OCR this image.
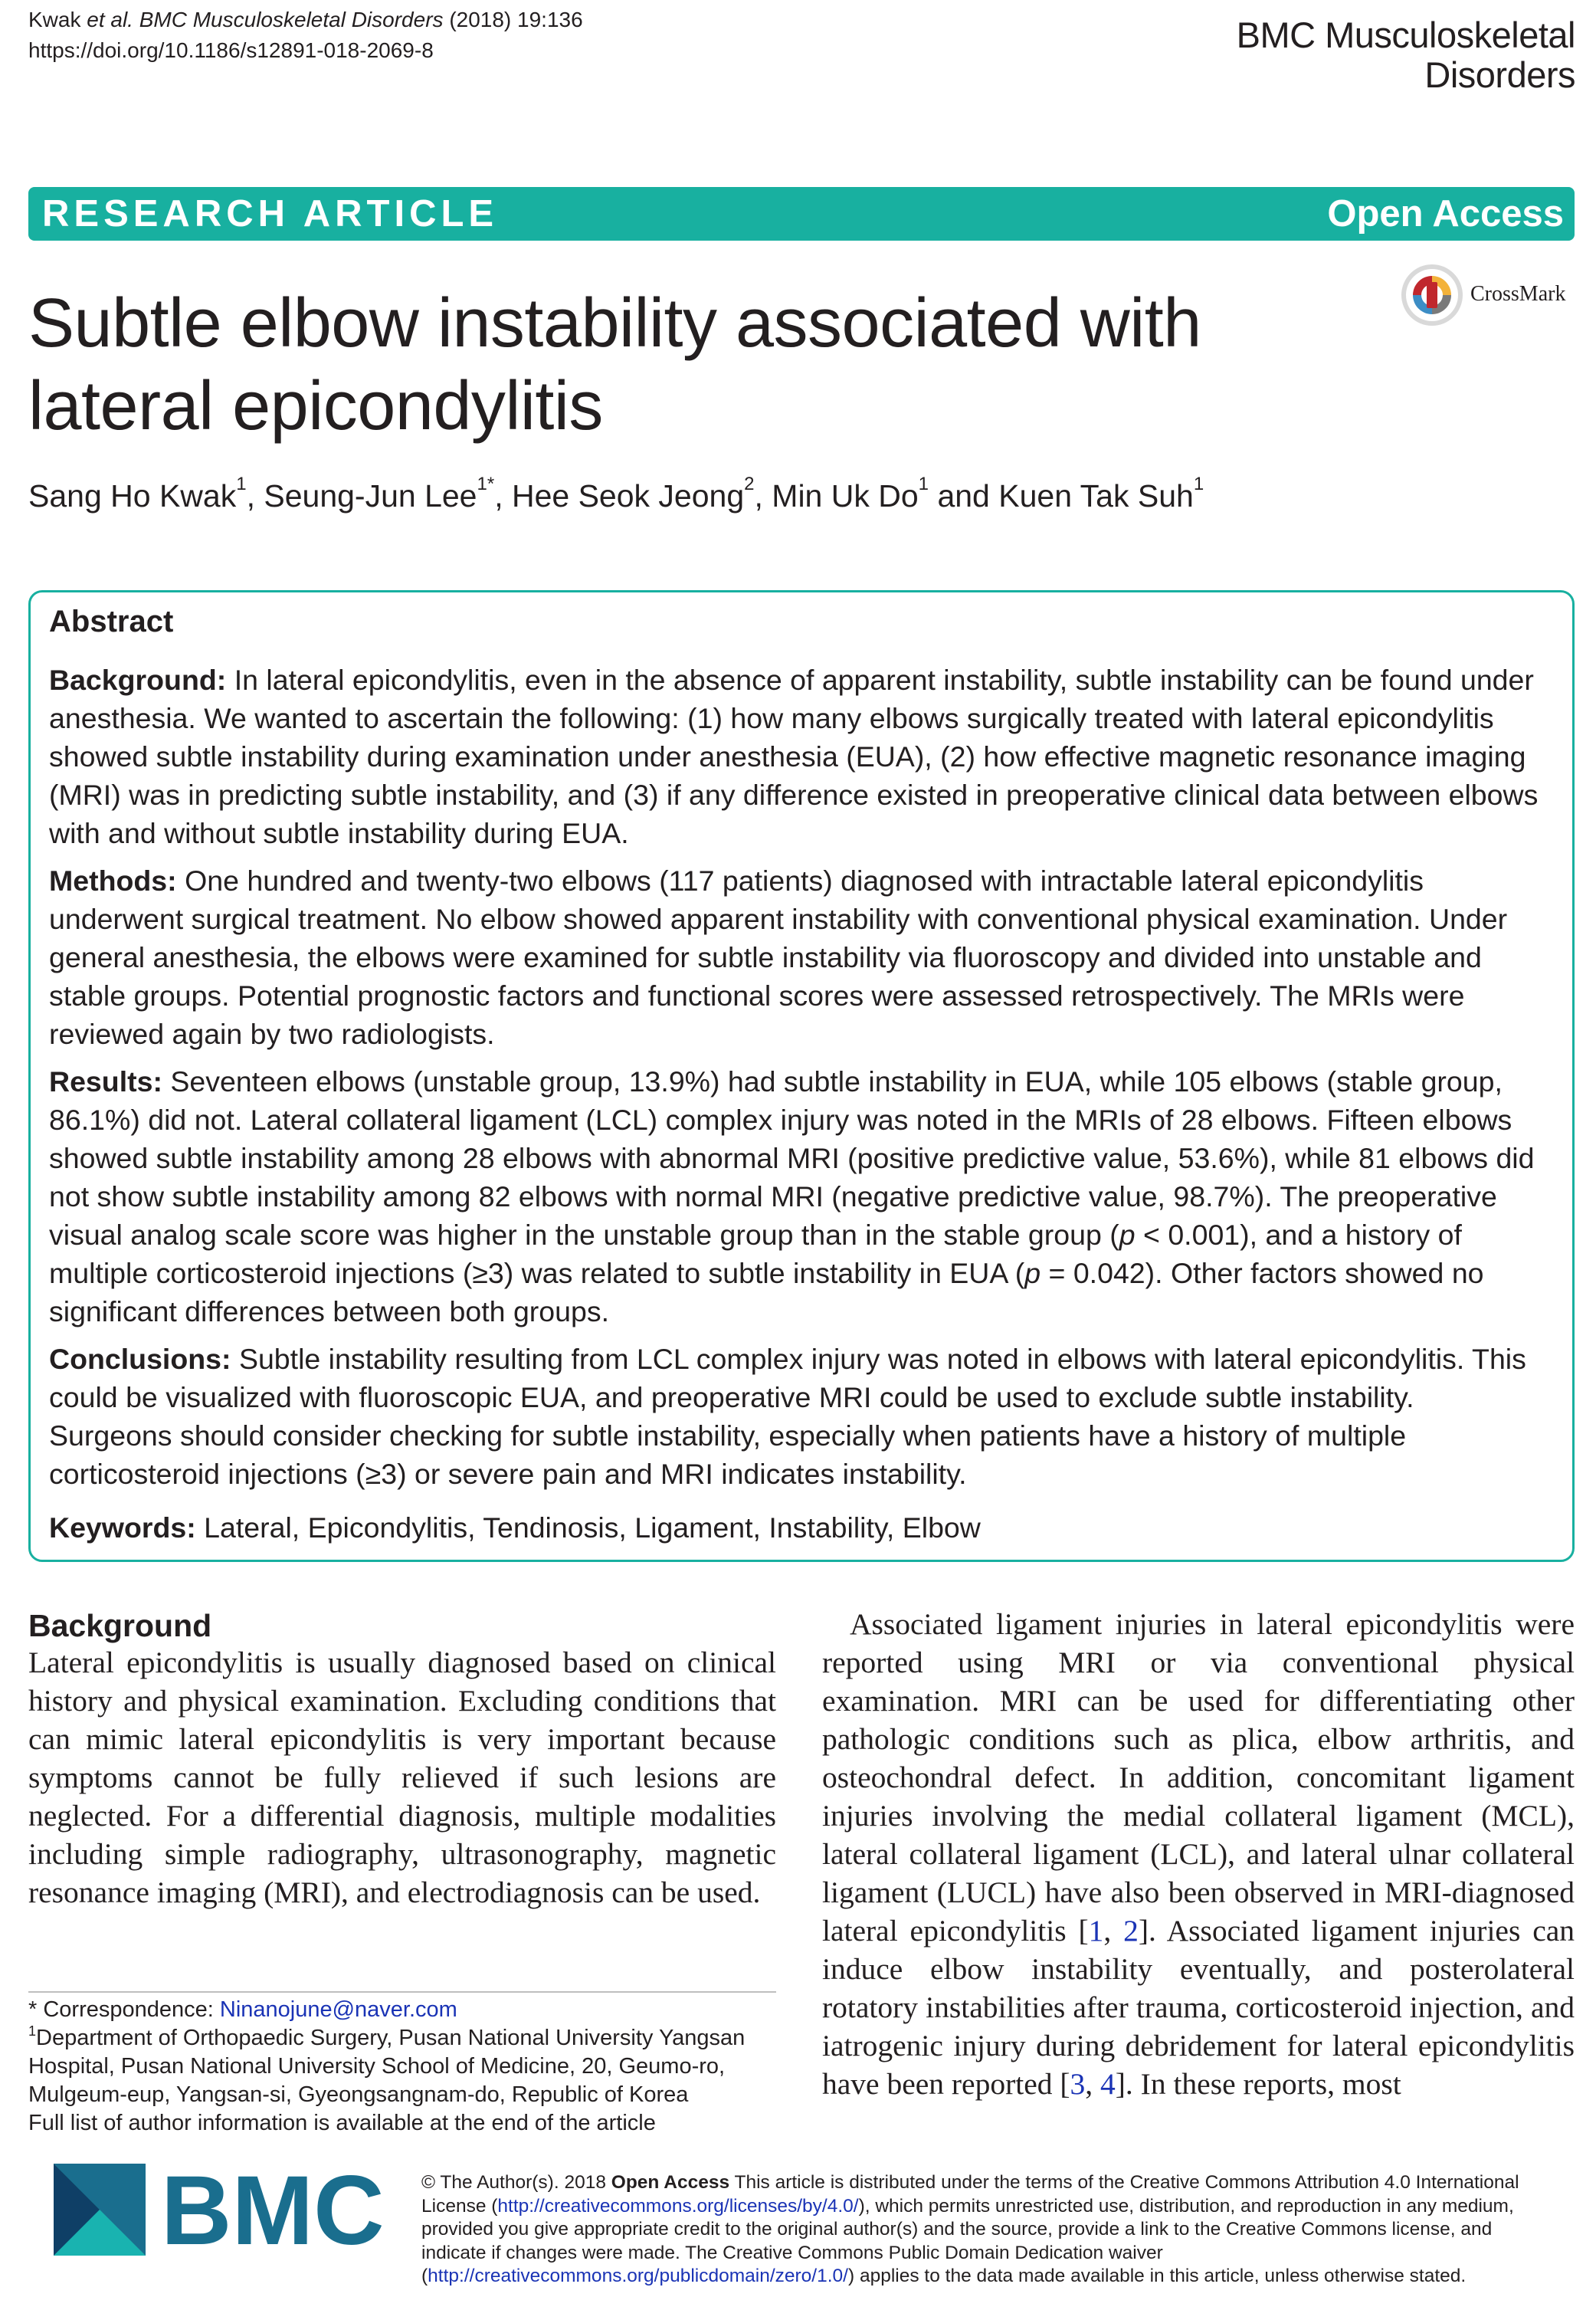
Kwak et al. BMC Musculoskeletal Disorders (2018) 19:136
https://doi.org/10.1186/s12891-018-2069-8	BMC Musculoskeletal
Disorders
RESEARCH ARTICLE	Open Access
CrossMark
Subtle elbow instability associated with lateral epicondylitis
Sang Ho Kwak$^1$, Seung-Jun Lee$^{1*}$, Hee Seok Jeong$^2$, Min Uk Do$^1$ and Kuen Tak Suh$^1$
Abstract
Background: In lateral epicondylitis, even in the absence of apparent instability, subtle instability can be found under anesthesia. We wanted to ascertain the following: (1) how many elbows surgically treated with lateral epicondylitis showed subtle instability during examination under anesthesia (EUA), (2) how effective magnetic resonance imaging (MRI) was in predicting subtle instability, and (3) if any difference existed in preoperative clinical data between elbows with and without subtle instability during EUA.
Methods: One hundred and twenty-two elbows (117 patients) diagnosed with intractable lateral epicondylitis underwent surgical treatment. No elbow showed apparent instability with conventional physical examination. Under general anesthesia, the elbows were examined for subtle instability via fluoroscopy and divided into unstable and stable groups. Potential prognostic factors and functional scores were assessed retrospectively. The MRIs were reviewed again by two radiologists.
Results: Seventeen elbows (unstable group, 13.9%) had subtle instability in EUA, while 105 elbows (stable group, 86.1%) did not. Lateral collateral ligament (LCL) complex injury was noted in the MRIs of 28 elbows. Fifteen elbows showed subtle instability among 28 elbows with abnormal MRI (positive predictive value, 53.6%), while 81 elbows did not show subtle instability among 82 elbows with normal MRI (negative predictive value, 98.7%). The preoperative visual analog scale score was higher in the unstable group than in the stable group (p < 0.001), and a history of multiple corticosteroid injections (≥3) was related to subtle instability in EUA (p = 0.042). Other factors showed no significant differences between both groups.
Conclusions: Subtle instability resulting from LCL complex injury was noted in elbows with lateral epicondylitis. This could be visualized with fluoroscopic EUA, and preoperative MRI could be used to exclude subtle instability. Surgeons should consider checking for subtle instability, especially when patients have a history of multiple corticosteroid injections (≥3) or severe pain and MRI indicates instability.
Keywords: Lateral, Epicondylitis, Tendinosis, Ligament, Instability, Elbow
Background
Lateral epicondylitis is usually diagnosed based on clinical history and physical examination. Excluding conditions that can mimic lateral epicondylitis is very important because symptoms cannot be fully relieved if such lesions are neglected. For a differential diagnosis, multiple modalities including simple radiography, ultrasonography, magnetic resonance imaging (MRI), and electrodiagnosis can be used.
Associated ligament injuries in lateral epicondylitis were reported using MRI or via conventional physical examination. MRI can be used for differentiating other pathologic conditions such as plica, elbow arthritis, and osteochondral defect. In addition, concomitant ligament injuries involving the medial collateral ligament (MCL), lateral collateral ligament (LCL), and lateral ulnar collateral ligament (LUCL) have also been observed in MRI-diagnosed lateral epicondylitis [1, 2]. Associated ligament injuries can induce elbow instability eventually, and posterolateral rotatory instabilities after trauma, corticosteroid injection, and iatrogenic injury during debridement for lateral epicondylitis have been reported [3, 4]. In these reports, most
* Correspondence: Ninanojune@naver.com
$^1$Department of Orthopaedic Surgery, Pusan National University Yangsan Hospital, Pusan National University School of Medicine, 20, Geumo-ro, Mulgeum-eup, Yangsan-si, Gyeongsangnam-do, Republic of Korea
Full list of author information is available at the end of the article
BMC © The Author(s). 2018 Open Access This article is distributed under the terms of the Creative Commons Attribution 4.0 International License (http://creativecommons.org/licenses/by/4.0/), which permits unrestricted use, distribution, and reproduction in any medium, provided you give appropriate credit to the original author(s) and the source, provide a link to the Creative Commons license, and indicate if changes were made. The Creative Commons Public Domain Dedication waiver (http://creativecommons.org/publicdomain/zero/1.0/) applies to the data made available in this article, unless otherwise stated.
